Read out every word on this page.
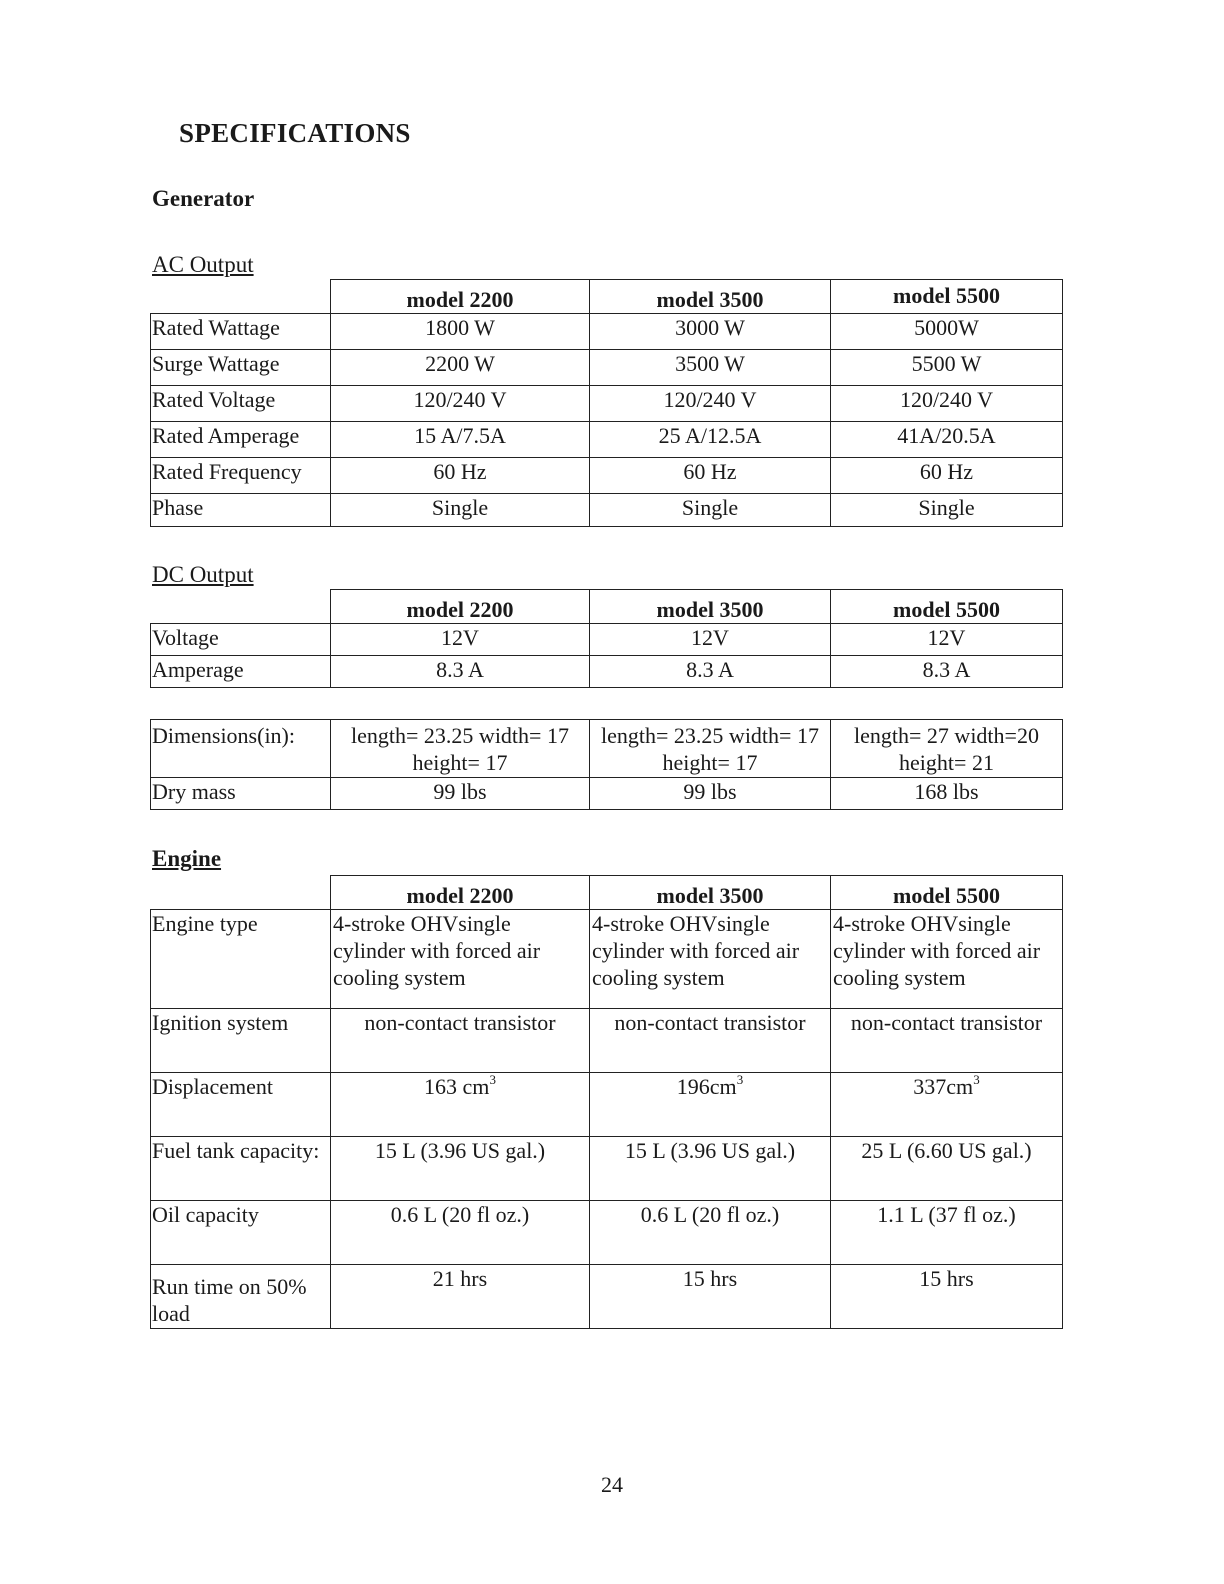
SPECIFICATIONS
Generator
AC Output
	model 2200	model 3500	model 5500
Rated Wattage	1800 W	3000 W	5000W
Surge Wattage	2200 W	3500 W	5500 W
Rated Voltage	120/240 V	120/240 V	120/240 V
Rated Amperage	15 A/7.5A	25 A/12.5A	41A/20.5A
Rated Frequency	60 Hz	60 Hz	60 Hz
Phase	Single	Single	Single
DC Output
	model 2200	model 3500	model 5500
Voltage	12V	12V	12V
Amperage	8.3 A	8.3 A	8.3 A
Dimensions(in):	length= 23.25 width= 17 height= 17	length= 23.25 width= 17 height= 17	length= 27 width=20 height= 21
Dry mass	99 lbs	99 lbs	168 lbs
Engine
	model 2200	model 3500	model 5500
Engine type	4-stroke OHVsingle cylinder with forced air cooling system	4-stroke OHVsingle cylinder with forced air cooling system	4-stroke OHVsingle cylinder with forced air cooling system
Ignition system	non-contact transistor	non-contact transistor	non-contact transistor
Displacement	163 $cm^3$	$196cm^3$	$337cm^3$
Fuel tank capacity:	15 L (3.96 US gal.)	15 L (3.96 US gal.)	25 L (6.60 US gal.)
Oil capacity	0.6 L (20 fl oz.)	0.6 L (20 fl oz.)	1.1 L (37 fl oz.)
Run time on 50% load	21 hrs	15 hrs	15 hrs
24
